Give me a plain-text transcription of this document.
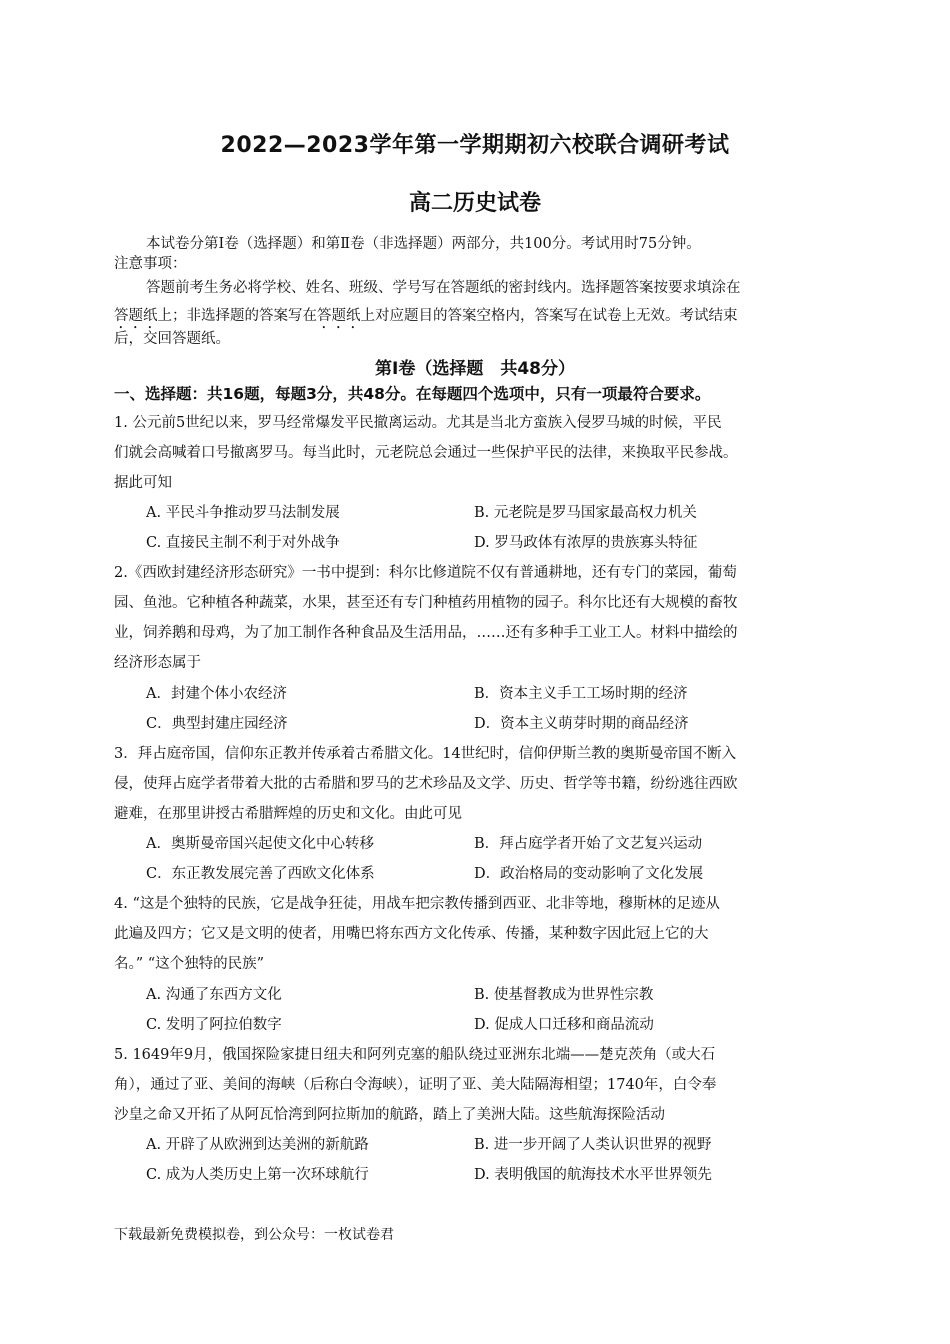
2022—2023学年第一学期期初六校联合调研考试
高二历史试卷
本试卷分第Ⅰ卷（选择题）和第Ⅱ卷（非选择题）两部分，共100分。考试用时75分钟。
注意事项：
答题前考生务必将学校、姓名、班级、学号写在答题纸的密封线内。选择题答案按要求填涂在
答题纸上；非选择题的答案写在答题纸上对应题目的答案空格内，答案写在试卷上无效。考试结束
后，交回答题纸。
第Ⅰ卷（选择题　共48分）
一、选择题：共16题，每题3分，共48分。在每题四个选项中，只有一项最符合要求。
1. 公元前5世纪以来，罗马经常爆发平民撤离运动。尤其是当北方蛮族入侵罗马城的时候，平民
们就会高喊着口号撤离罗马。每当此时，元老院总会通过一些保护平民的法律，来换取平民参战。
据此可知
A. 平民斗争推动罗马法制发展	B. 元老院是罗马国家最高权力机关
C. 直接民主制不利于对外战争	D. 罗马政体有浓厚的贵族寡头特征
2.《西欧封建经济形态研究》一书中提到：科尔比修道院不仅有普通耕地，还有专门的菜园，葡萄
园、鱼池。它种植各种蔬菜，水果，甚至还有专门种植药用植物的园子。科尔比还有大规模的畜牧
业，饲养鹅和母鸡，为了加工制作各种食品及生活用品，……还有多种手工业工人。材料中描绘的
经济形态属于
A．封建个体小农经济	B．资本主义手工工场时期的经济
C．典型封建庄园经济	D．资本主义萌芽时期的商品经济
3．拜占庭帝国，信仰东正教并传承着古希腊文化。14世纪时，信仰伊斯兰教的奥斯曼帝国不断入
侵，使拜占庭学者带着大批的古希腊和罗马的艺术珍品及文学、历史、哲学等书籍，纷纷逃往西欧
避难，在那里讲授古希腊辉煌的历史和文化。由此可见
A．奥斯曼帝国兴起使文化中心转移	B．拜占庭学者开始了文艺复兴运动
C．东正教发展完善了西欧文化体系	D．政治格局的变动影响了文化发展
4. “这是个独特的民族，它是战争狂徒，用战车把宗教传播到西亚、北非等地，穆斯林的足迹从
此遍及四方；它又是文明的使者，用嘴巴将东西方文化传承、传播，某种数字因此冠上它的大
名。” “这个独特的民族”
A. 沟通了东西方文化	B. 使基督教成为世界性宗教
C. 发明了阿拉伯数字	D. 促成人口迁移和商品流动
5. 1649年9月，俄国探险家捷日纽夫和阿列克塞的船队绕过亚洲东北端——楚克茨角（或大石
角），通过了亚、美间的海峡（后称白令海峡），证明了亚、美大陆隔海相望；1740年，白令奉
沙皇之命又开拓了从阿瓦恰湾到阿拉斯加的航路，踏上了美洲大陆。这些航海探险活动
A. 开辟了从欧洲到达美洲的新航路	B. 进一步开阔了人类认识世界的视野
C. 成为人类历史上第一次环球航行	D. 表明俄国的航海技术水平世界领先
下载最新免费模拟卷，到公众号：一枚试卷君
